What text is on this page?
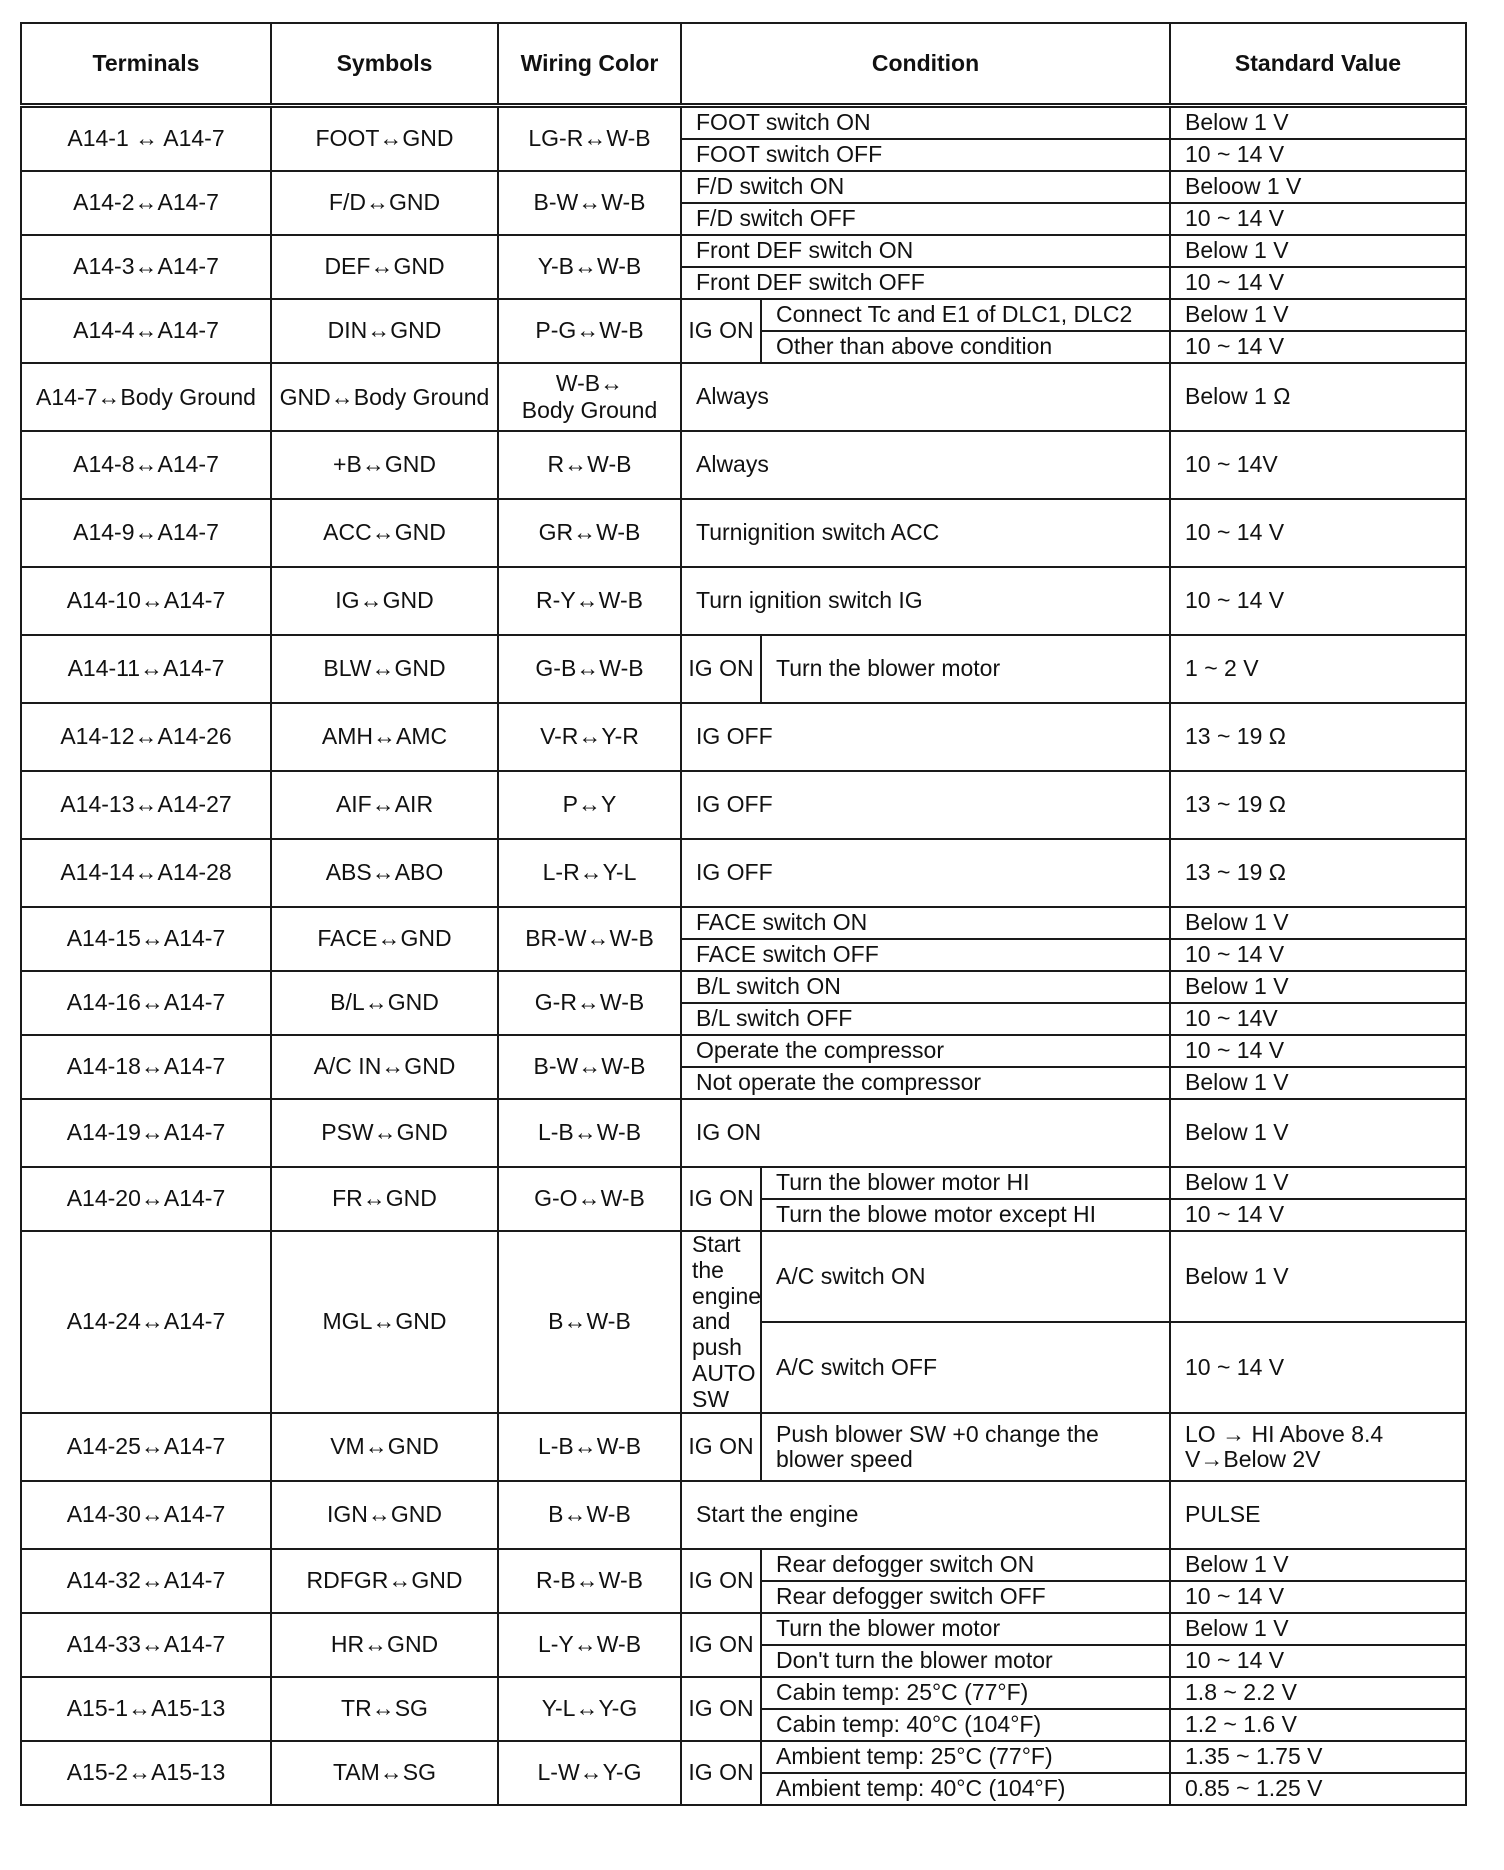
Terminals	Symbols	Wiring Color	Condition		Standard Value
A14-1 ↔ A14-7	FOOT↔GND	LG-R↔W-B	FOOT switch ON		Below 1 V
			FOOT switch OFF		10 ~ 14 V
A14-2↔A14-7	F/D↔GND	B-W↔W-B	F/D switch ON		Beloow 1 V
			F/D switch OFF		10 ~ 14 V
A14-3↔A14-7	DEF↔GND	Y-B↔W-B	Front DEF switch ON		Below 1 V
			Front DEF switch OFF		10 ~ 14 V
A14-4↔A14-7	DIN↔GND	P-G↔W-B	IG ON	Connect Tc and E1 of DLC1, DLC2	Below 1 V
				Other than above condition	10 ~ 14 V
A14-7↔Body Ground	GND↔Body Ground	W-B↔Body Ground	Always		Below 1 Ω
A14-8↔A14-7	+B↔GND	R↔W-B	Always		10 ~ 14V
A14-9↔A14-7	ACC↔GND	GR↔W-B	Turnignition switch ACC		10 ~ 14 V
A14-10↔A14-7	IG↔GND	R-Y↔W-B	Turn ignition switch IG		10 ~ 14 V
A14-11↔A14-7	BLW↔GND	G-B↔W-B	IG ON	Turn the blower motor	1 ~ 2 V
A14-12↔A14-26	AMH↔AMC	V-R↔Y-R	IG OFF		13 ~ 19 Ω
A14-13↔A14-27	AIF↔AIR	P↔Y	IG OFF		13 ~ 19 Ω
A14-14↔A14-28	ABS↔ABO	L-R↔Y-L	IG OFF		13 ~ 19 Ω
A14-15↔A14-7	FACE↔GND	BR-W↔W-B	FACE switch ON		Below 1 V
			FACE switch OFF		10 ~ 14 V
A14-16↔A14-7	B/L↔GND	G-R↔W-B	B/L switch ON		Below 1 V
			B/L switch OFF		10 ~ 14V
A14-18↔A14-7	A/C IN↔GND	B-W↔W-B	Operate the compressor		10 ~ 14 V
			Not operate the compressor		Below 1 V
A14-19↔A14-7	PSW↔GND	L-B↔W-B	IG ON		Below 1 V
A14-20↔A14-7	FR↔GND	G-O↔W-B	IG ON	Turn the blower motor HI	Below 1 V
				Turn the blowe motor except HI	10 ~ 14 V
A14-24↔A14-7	MGL↔GND	B↔W-B	Start the engine and push AUTO SW	A/C switch ON	Below 1 V
				A/C switch OFF	10 ~ 14 V
A14-25↔A14-7	VM↔GND	L-B↔W-B	IG ON	Push blower SW +0 change the blower speed	LO → HI Above 8.4 V→Below 2V
A14-30↔A14-7	IGN↔GND	B↔W-B	Start the engine		PULSE
A14-32↔A14-7	RDFGR↔GND	R-B↔W-B	IG ON	Rear defogger switch ON	Below 1 V
				Rear defogger switch OFF	10 ~ 14 V
A14-33↔A14-7	HR↔GND	L-Y↔W-B	IG ON	Turn the blower motor	Below 1 V
				Don't turn the blower motor	10 ~ 14 V
A15-1↔A15-13	TR↔SG	Y-L↔Y-G	IG ON	Cabin temp: 25°C (77°F)	1.8 ~ 2.2 V
				Cabin temp: 40°C (104°F)	1.2 ~ 1.6 V
A15-2↔A15-13	TAM↔SG	L-W↔Y-G	IG ON	Ambient temp: 25°C (77°F)	1.35 ~ 1.75 V
				Ambient temp: 40°C (104°F)	0.85 ~ 1.25 V
